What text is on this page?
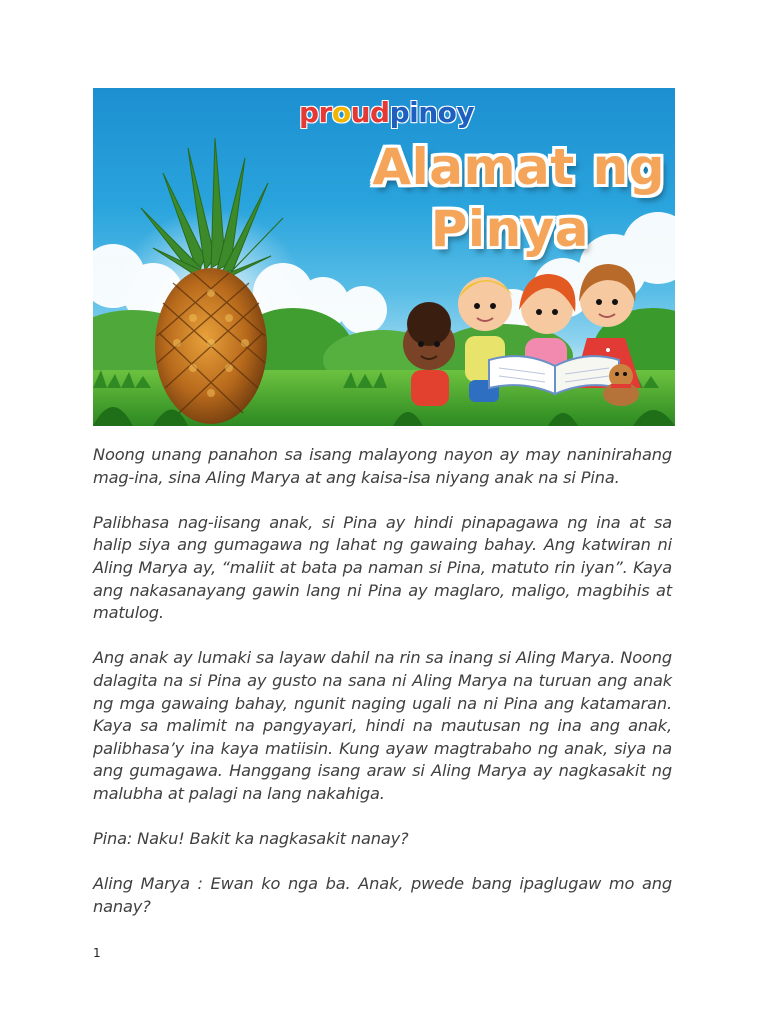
proudpinoy
Alamat ng
Pinya

Noong unang panahon sa isang malayong nayon ay may naninirahang mag-ina, sina Aling Marya at ang kaisa-isa niyang anak na si Pina.

Palibhasa nag-iisang anak, si Pina ay hindi pinapagawa ng ina at sa halip siya ang gumagawa ng lahat ng gawaing bahay. Ang katwiran ni Aling Marya ay, “maliit at bata pa naman si Pina, matuto rin iyan”. Kaya ang nakasanayang gawin lang ni Pina ay maglaro, maligo, magbihis at matulog.

Ang anak ay lumaki sa layaw dahil na rin sa inang si Aling Marya. Noong dalagita na si Pina ay gusto na sana ni Aling Marya na turuan ang anak ng mga gawaing bahay, ngunit naging ugali na ni Pina ang katamaran. Kaya sa malimit na pangyayari, hindi na mautusan ng ina ang anak, palibhasa’y ina kaya matiisin. Kung ayaw magtrabaho ng anak, siya na ang gumagawa. Hanggang isang araw si Aling Marya ay nagkasakit ng malubha at palagi na lang nakahiga.

Pina: Naku! Bakit ka nagkasakit nanay?

Aling Marya : Ewan ko nga ba. Anak, pwede bang ipaglugaw mo ang nanay?

1
